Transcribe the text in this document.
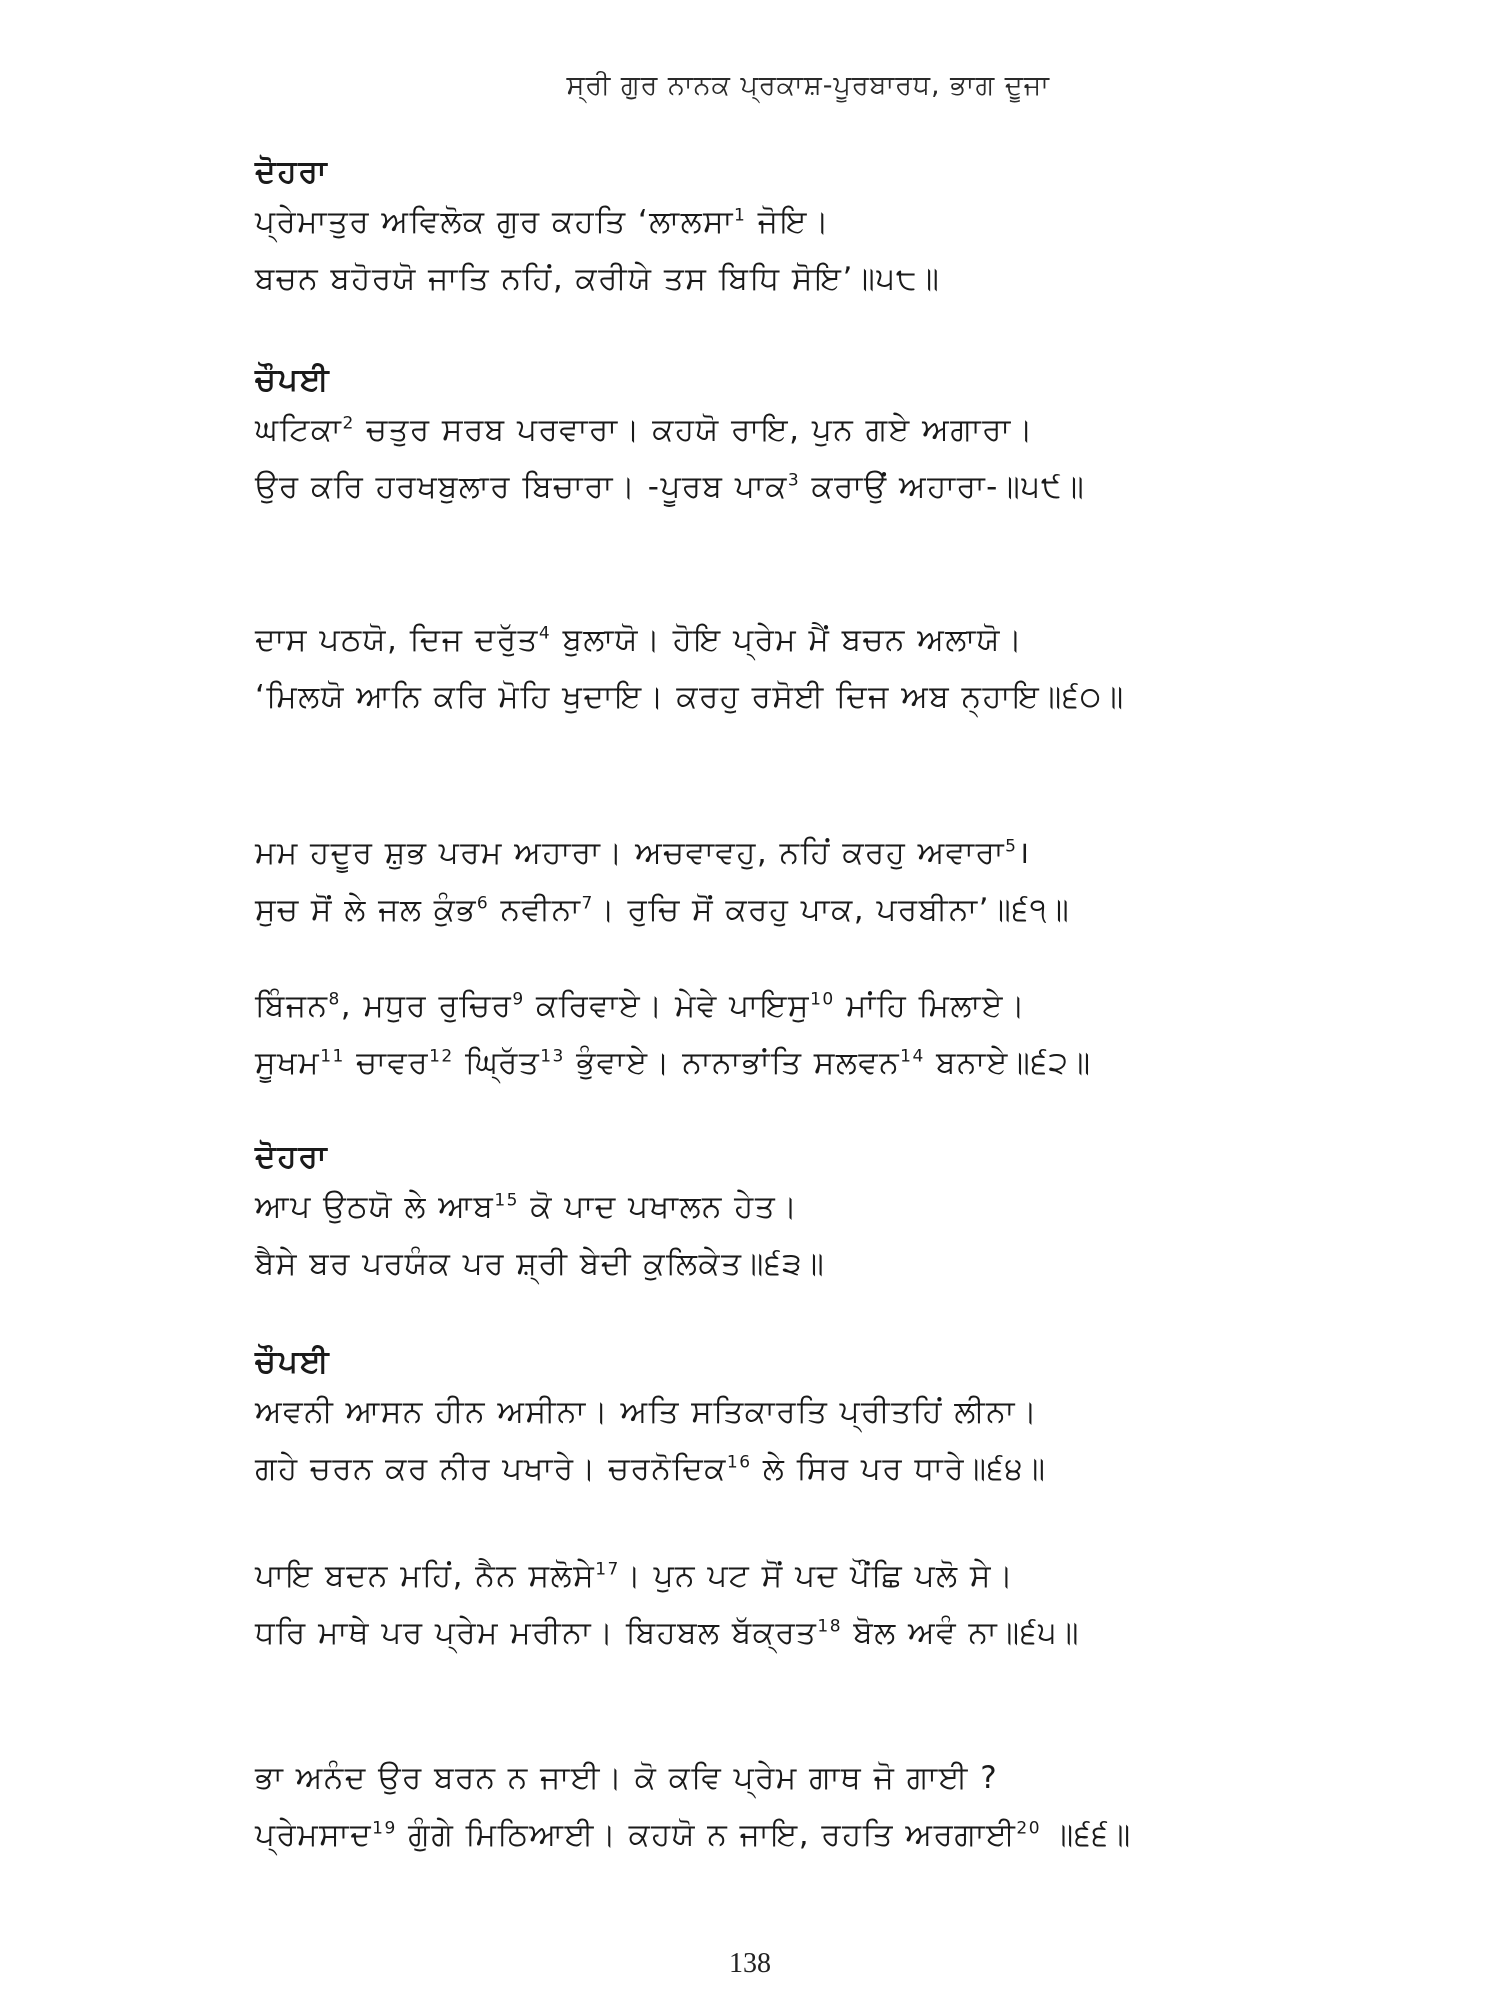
ਸ੍ਰੀ ਗੁਰ ਨਾਨਕ ਪ੍ਰਕਾਸ਼-ਪੂਰਬਾਰਧ, ਭਾਗ ਦੂਜਾ
ਦੋਹਰਾ
ਪ੍ਰੇਮਾਤੁਰ ਅਵਿਲੋਕ ਗੁਰ ਕਹਤਿ ‘ਲਾਲਸਾ$^1$ ਜੋਇ।
ਬਚਨ ਬਹੋਰਯੋ ਜਾਤਿ ਨਹਿਂ, ਕਰੀਯੇ ਤਸ ਬਿਧਿ ਸੋਇ’॥੫੮॥
ਚੌਪਈ
ਘਟਿਕਾ$^2$ ਚਤੁਰ ਸਰਬ ਪਰਵਾਰਾ। ਕਹਯੋ ਰਾਇ, ਪੁਨ ਗਏ ਅਗਾਰਾ।
ਉਰ ਕਰਿ ਹਰਖਬੁਲਾਰ ਬਿਚਾਰਾ। -ਪੂਰਬ ਪਾਕ$^3$ ਕਰਾਉਂ ਅਹਾਰਾ-॥੫੯॥
ਦਾਸ ਪਠਯੋ, ਦਿਜ ਦਰੁੱਤ$^4$ ਬੁਲਾਯੋ। ਹੋਇ ਪ੍ਰੇਮ ਮੈਂ ਬਚਨ ਅਲਾਯੋ।
‘ਮਿਲਯੋ ਆਨਿ ਕਰਿ ਮੋਹਿ ਖੁਦਾਇ। ਕਰਹੁ ਰਸੋਈ ਦਿਜ ਅਬ ਨ੍ਹਾਇ॥੬੦॥
ਮਮ ਹਦੂਰ ਸ਼ੁਭ ਪਰਮ ਅਹਾਰਾ। ਅਚਵਾਵਹੁ, ਨਹਿਂ ਕਰਹੁ ਅਵਾਰਾ$^5$।
ਸੁਚ ਸੋਂ ਲੇ ਜਲ ਕੁੰਭ$^6$ ਨਵੀਨਾ$^7$। ਰੁਚਿ ਸੋਂ ਕਰਹੁ ਪਾਕ, ਪਰਬੀਨਾ’॥੬੧॥
ਬਿੰਜਨ$^8$, ਮਧੁਰ ਰੁਚਿਰ$^9$ ਕਰਿਵਾਏ। ਮੇਵੇ ਪਾਇਸੁ$^{10}$ ਮਾਂਹਿ ਮਿਲਾਏ।
ਸੂਖਮ$^{11}$ ਚਾਵਰ$^{12}$ ਘ੍ਰਿੱਤ$^{13}$ ਭੁੰਵਾਏ। ਨਾਨਾਭਾਂਤਿ ਸਲਵਨ$^{14}$ ਬਨਾਏ॥੬੨॥
ਦੋਹਰਾ
ਆਪ ਉਠਯੋ ਲੇ ਆਬ$^{15}$ ਕੋ ਪਾਦ ਪਖਾਲਨ ਹੇਤ।
ਬੈਸੇ ਬਰ ਪਰਯੰਕ ਪਰ ਸ਼੍ਰੀ ਬੇਦੀ ਕੁਲਿਕੇਤ॥੬੩॥
ਚੌਪਈ
ਅਵਨੀ ਆਸਨ ਹੀਨ ਅਸੀਨਾ। ਅਤਿ ਸਤਿਕਾਰਤਿ ਪ੍ਰੀਤਹਿਂ ਲੀਨਾ।
ਗਹੇ ਚਰਨ ਕਰ ਨੀਰ ਪਖਾਰੇ। ਚਰਨੋਦਿਕ$^{16}$ ਲੇ ਸਿਰ ਪਰ ਧਾਰੇ॥੬੪॥
ਪਾਇ ਬਦਨ ਮਹਿਂ, ਨੈਨ ਸਲੋਸੇ$^{17}$। ਪੁਨ ਪਟ ਸੋਂ ਪਦ ਪੌਂਛਿ ਪਲੋ ਸੇ।
ਧਰਿ ਮਾਥੇ ਪਰ ਪ੍ਰੇਮ ਮਰੀਨਾ। ਬਿਹਬਲ ਬੱਕ੍ਰਤ$^{18}$ ਬੋਲ ਅਵੰ ਨਾ॥੬੫॥
ਭਾ ਅਨੰਦ ਉਰ ਬਰਨ ਨ ਜਾਈ। ਕੋ ਕਵਿ ਪ੍ਰੇਮ ਗਾਥ ਜੋ ਗਾਈ ?
ਪ੍ਰੇਮਸਾਦ$^{19}$ ਗੁੰਗੇ ਮਿਠਿਆਈ। ਕਹਯੋ ਨ ਜਾਇ, ਰਹਤਿ ਅਰਗਾਈ$^{20}$ ॥੬੬॥
138
